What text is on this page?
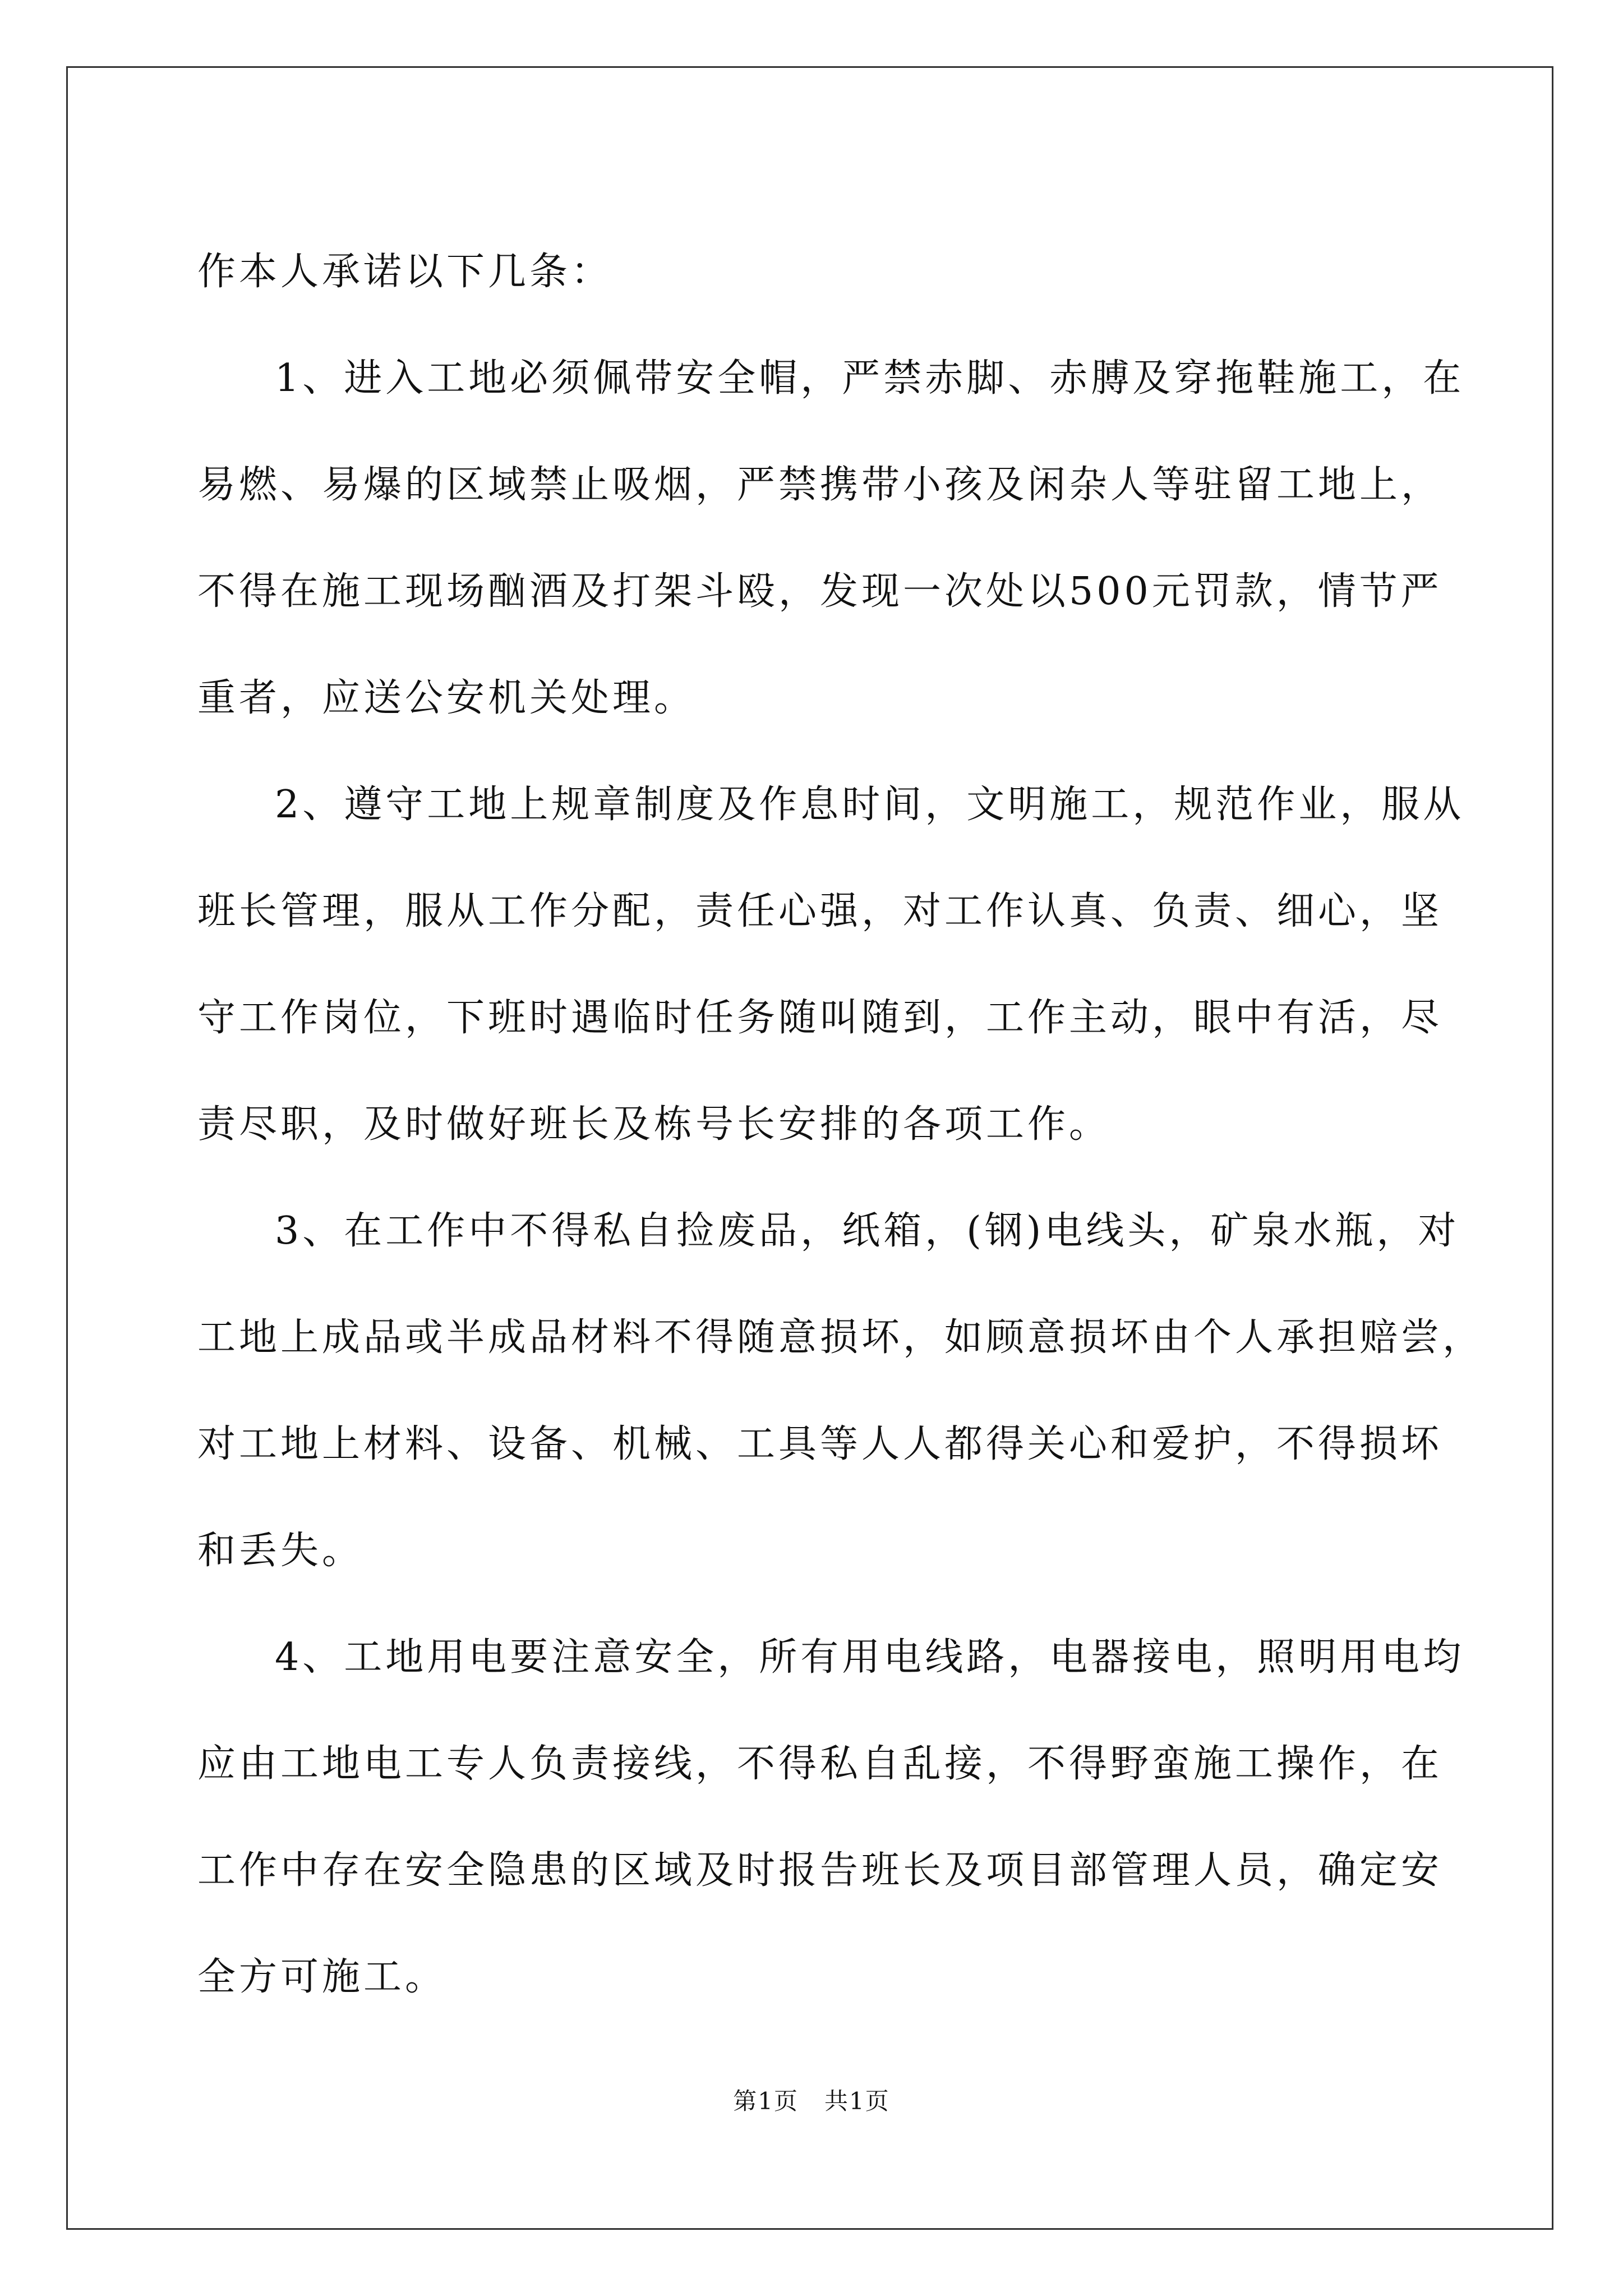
作本人承诺以下几条：
1、进入工地必须佩带安全帽，严禁赤脚、赤膊及穿拖鞋施工，在
易燃、易爆的区域禁止吸烟，严禁携带小孩及闲杂人等驻留工地上，
不得在施工现场酗酒及打架斗殴，发现一次处以500元罚款，情节严
重者，应送公安机关处理。
2、遵守工地上规章制度及作息时间，文明施工，规范作业，服从
班长管理，服从工作分配，责任心强，对工作认真、负责、细心，坚
守工作岗位，下班时遇临时任务随叫随到，工作主动，眼中有活，尽
责尽职，及时做好班长及栋号长安排的各项工作。
3、在工作中不得私自捡废品，纸箱，(钢)电线头，矿泉水瓶，对
工地上成品或半成品材料不得随意损坏，如顾意损坏由个人承担赔尝，
对工地上材料、设备、机械、工具等人人都得关心和爱护，不得损坏
和丢失。
4、工地用电要注意安全，所有用电线路，电器接电，照明用电均
应由工地电工专人负责接线，不得私自乱接，不得野蛮施工操作，在
工作中存在安全隐患的区域及时报告班长及项目部管理人员，确定安
全方可施工。
第1页 共1页
